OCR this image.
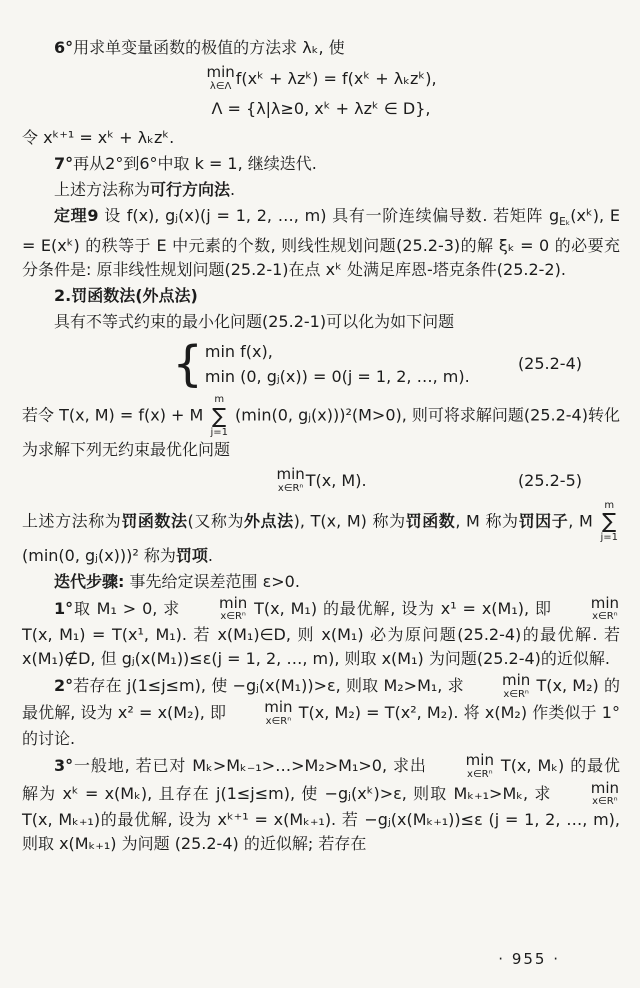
6°用求单变量函数的极值的方法求 λₖ, 使
min
λ∈Λ f(xᵏ + λzᵏ) = f(xᵏ + λₖzᵏ),
Λ = {λ|λ≥0, xᵏ + λzᵏ ∈ D},
令 xᵏ⁺¹ = xᵏ + λₖzᵏ.
7°再从2°到6°中取 k = 1, 继续迭代.
上述方法称为可行方向法.
定理9 设 f(x), gⱼ(x)(j = 1, 2, …, m) 具有一阶连续偏导数. 若矩阵 $g_{E_k}(xᵏ)$, E = E(xᵏ) 的秩等于 E 中元素的个数, 则线性规划问题(25.2-3)的解 ξₖ = 0 的必要充分条件是: 原非线性规划问题(25.2-1)在点 xᵏ 处满足库恩-塔克条件(25.2-2).
2.罚函数法(外点法)
具有不等式约束的最小化问题(25.2-1)可以化为如下问题
{ min f(x),
min (0, gⱼ(x)) = 0(j = 1, 2, …, m).
(25.2-4)
若令 T(x, M) = f(x) + M
m
∑
j=1
(min(0, gⱼ(x)))²(M>0), 则可将求解问题(25.2-4)转化为求解下列无约束最优化问题
min
x∈Rⁿ T(x, M).	(25.2-5)
上述方法称为罚函数法(又称为外点法), T(x, M) 称为罚函数, M 称为罚因子, M
m
∑
j=1
(min(0, gⱼ(x)))² 称为罚项.
迭代步骤: 事先给定误差范围 ε>0.
1°取 M₁ > 0, 求	min
x∈Rⁿ T(x, M₁) 的最优解, 设为 x¹ = x(M₁), 即	min
x∈Rⁿ
T(x, M₁) = T(x¹, M₁). 若 x(M₁)∈D, 则 x(M₁) 必为原问题(25.2-4)的最优解. 若 x(M₁)∉D, 但 gⱼ(x(M₁))≤ε(j = 1, 2, …, m), 则取 x(M₁) 为问题(25.2-4)的近似解.
2°若存在 j(1≤j≤m), 使 −gⱼ(x(M₁))>ε, 则取 M₂>M₁, 求	min
x∈Rⁿ T(x, M₂) 的最优解, 设为 x² = x(M₂), 即	min
x∈Rⁿ T(x, M₂) = T(x², M₂). 将 x(M₂) 作类似于 1° 的讨论.
3°一般地, 若已对 Mₖ>Mₖ₋₁>…>M₂>M₁>0, 求出	min
x∈Rⁿ T(x, Mₖ) 的最优解为 xᵏ = x(Mₖ), 且存在 j(1≤j≤m), 使 −gⱼ(xᵏ)>ε, 则取 Mₖ₊₁>Mₖ, 求	min
x∈Rⁿ
T(x, Mₖ₊₁)的最优解, 设为 xᵏ⁺¹ = x(Mₖ₊₁). 若 −gⱼ(x(Mₖ₊₁))≤ε (j = 1, 2, …, m), 则取 x(Mₖ₊₁) 为问题 (25.2-4) 的近似解; 若存在
· 955 ·
